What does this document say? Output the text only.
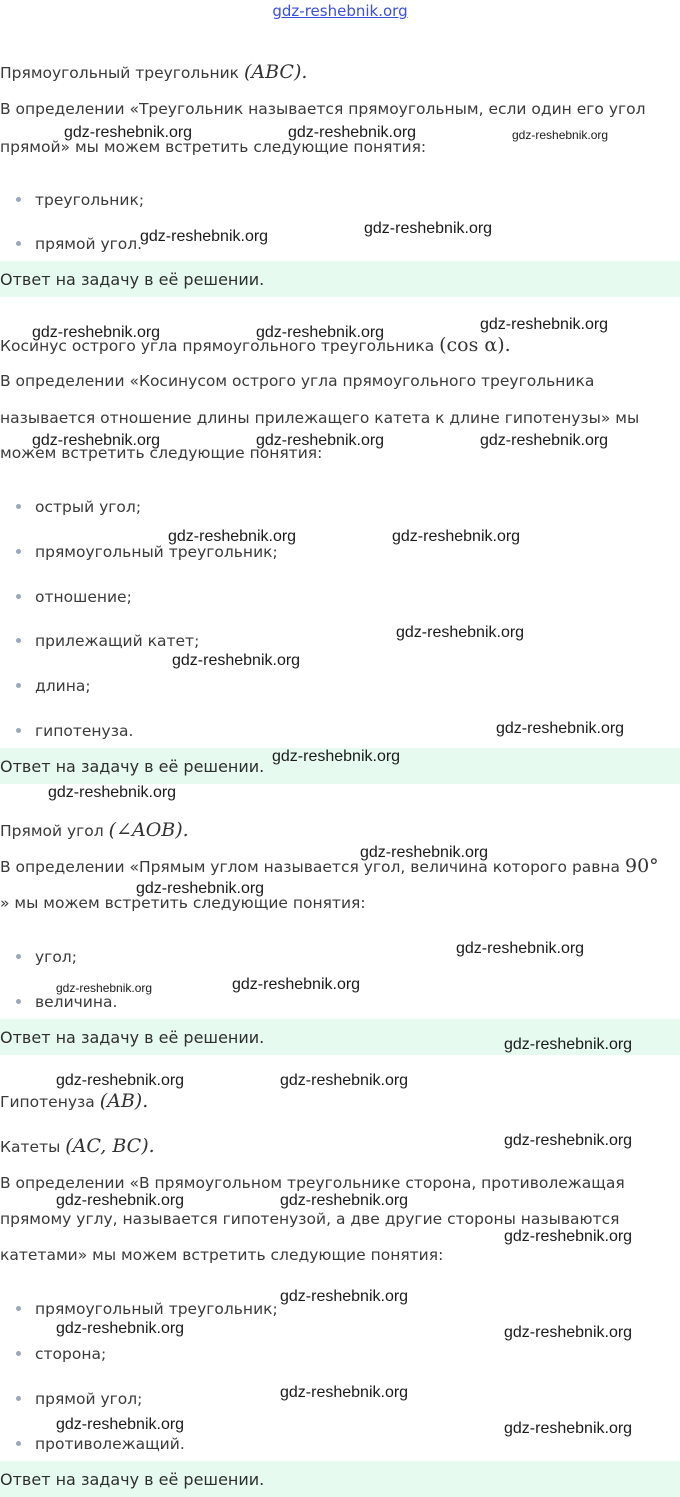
gdz-reshebnik.org
Прямоугольный треугольник (ABC).
В определении «Треугольник называется прямоугольным, если один его угол
прямой» мы можем встретить следующие понятия:
треугольник;
прямой угол.
Ответ на задачу в её решении.
Косинус острого угла прямоугольного треугольника (cos α).
В определении «Косинусом острого угла прямоугольного треугольника
называется отношение длины прилежащего катета к длине гипотенузы» мы
можем встретить следующие понятия:
острый угол;
прямоугольный треугольник;
отношение;
прилежащий катет;
длина;
гипотенуза.
Ответ на задачу в её решении.
Прямой угол (∠AOB).
В определении «Прямым углом называется угол, величина которого равна 90°
» мы можем встретить следующие понятия:
угол;
величина.
Ответ на задачу в её решении.
Гипотенуза (AB).
Катеты (AC, BC).
В определении «В прямоугольном треугольнике сторона, противолежащая
прямому углу, называется гипотенузой, а две другие стороны называются
катетами» мы можем встретить следующие понятия:
прямоугольный треугольник;
сторона;
прямой угол;
противолежащий.
Ответ на задачу в её решении.
gdz-reshebnik.org	gdz-reshebnik.org	gdz-reshebnik.org
gdz-reshebnik.org	gdz-reshebnik.org
gdz-reshebnik.org	gdz-reshebnik.org	gdz-reshebnik.org
gdz-reshebnik.org	gdz-reshebnik.org	gdz-reshebnik.org
gdz-reshebnik.org	gdz-reshebnik.org
gdz-reshebnik.org
gdz-reshebnik.org
gdz-reshebnik.org
gdz-reshebnik.org
gdz-reshebnik.org
gdz-reshebnik.org
gdz-reshebnik.org
gdz-reshebnik.org
gdz-reshebnik.org	gdz-reshebnik.org
gdz-reshebnik.org
gdz-reshebnik.org	gdz-reshebnik.org
gdz-reshebnik.org
gdz-reshebnik.org	gdz-reshebnik.org
gdz-reshebnik.org
gdz-reshebnik.org
gdz-reshebnik.org	gdz-reshebnik.org
gdz-reshebnik.org
gdz-reshebnik.org	gdz-reshebnik.org
